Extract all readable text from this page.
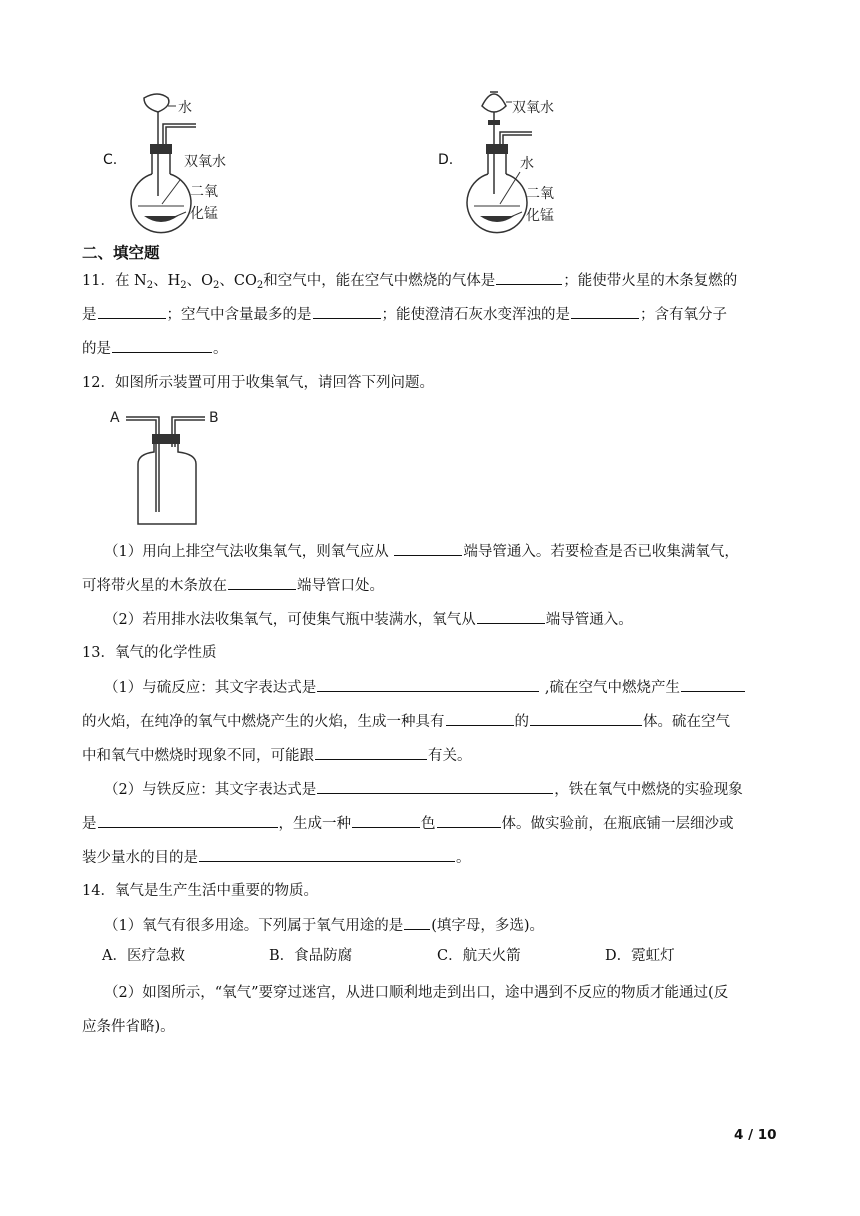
C.
水
双氧水
二氧
化锰
D.
双氧水
水
二氧
化锰
二、填空题
11．在 $N_2$、$H_2$、$O_2$、$CO_2$和空气中，能在空气中燃烧的气体是	；能使带火星的木条复燃的
是	；空气中含量最多的是	；能使澄清石灰水变浑浊的是	；含有氧分子
的是	。
12．如图所示装置可用于收集氧气，请回答下列问题。
A	B
（1）用向上排空气法收集氧气，则氧气应从	端导管通入。若要检查是否已收集满氧气，
可将带火星的木条放在	端导管口处。
（2）若用排水法收集氧气，可使集气瓶中装满水，氧气从	端导管通入。
13．氧气的化学性质
（1）与硫反应：其文字表达式是	,硫在空气中燃烧产生
的火焰，在纯净的氧气中燃烧产生的火焰，生成一种具有	的	体。硫在空气
中和氧气中燃烧时现象不同，可能跟	有关。
（2）与铁反应：其文字表达式是	，铁在氧气中燃烧的实验现象
是	，生成一种	色	体。做实验前，在瓶底铺一层细沙或
装少量水的目的是	。
14．氧气是生产生活中重要的物质。
（1）氧气有很多用途。下列属于氧气用途的是 (填字母，多选)。
A．医疗急救	B．食品防腐	C．航天火箭	D．霓虹灯
（2）如图所示，“氧气”要穿过迷宫，从进口顺利地走到出口，途中遇到不反应的物质才能通过(反
应条件省略)。
4 / 10
